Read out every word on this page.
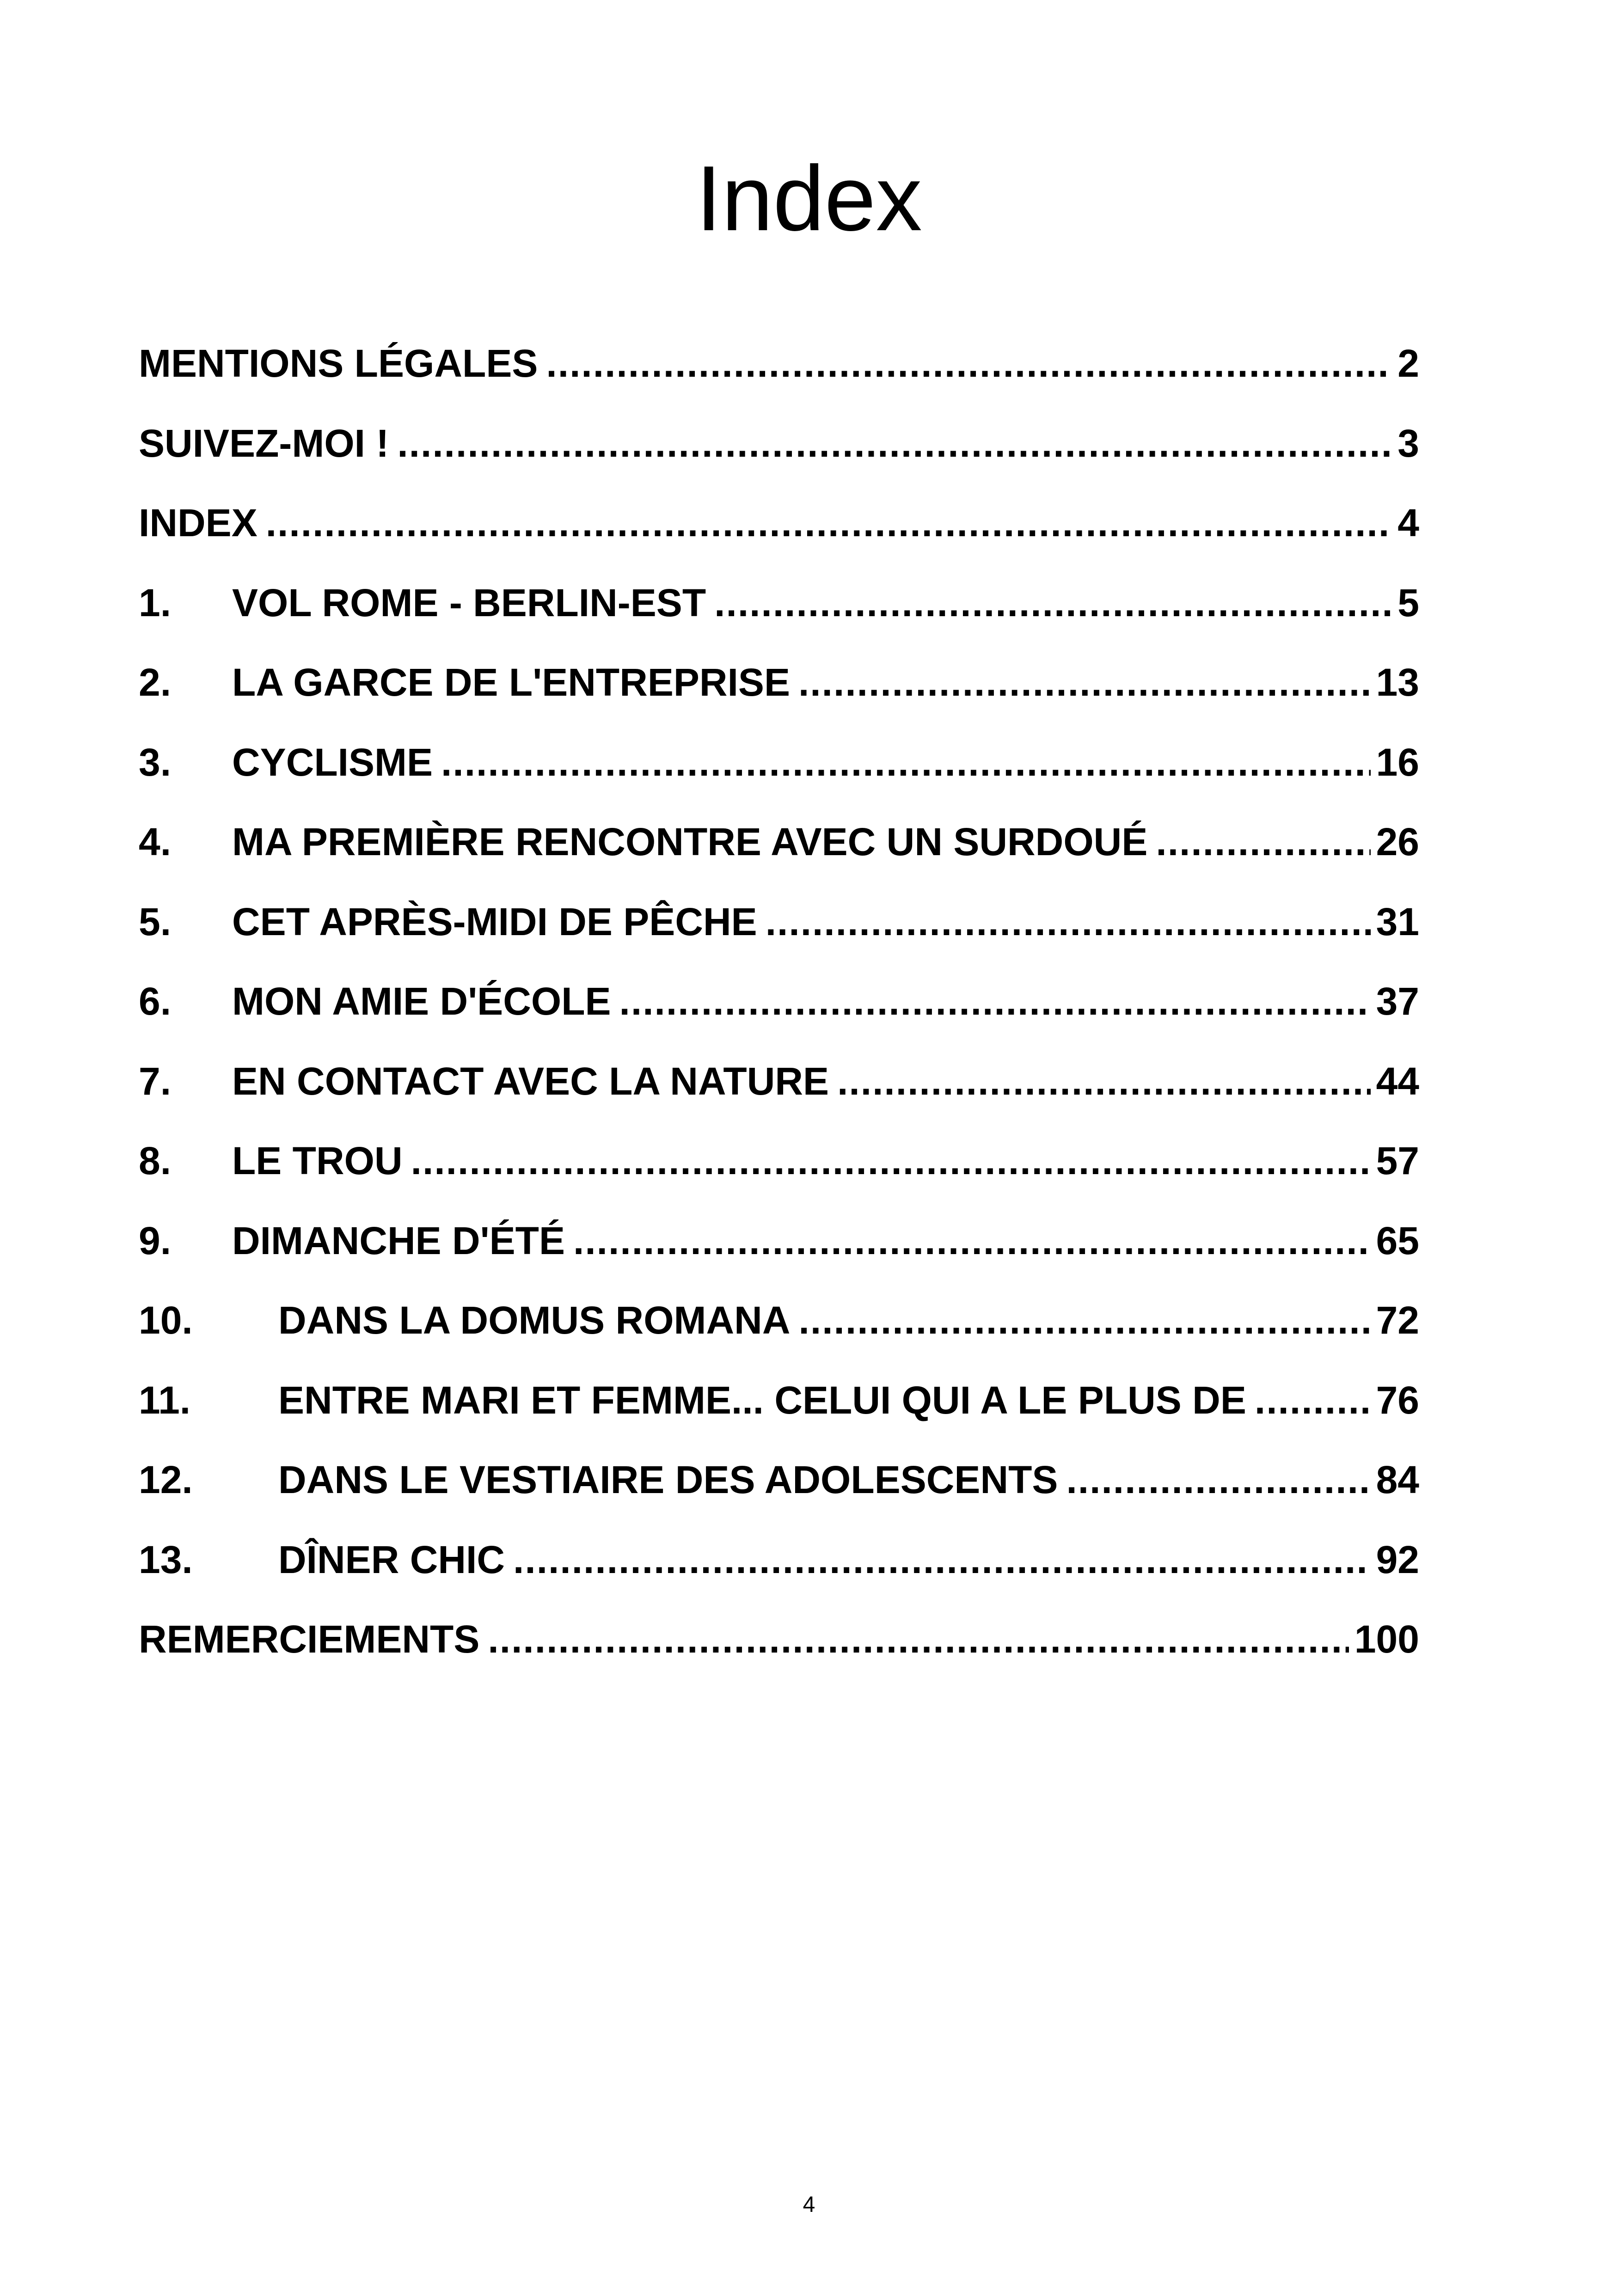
Index
MENTIONS LÉGALES .....	2
SUIVEZ-MOI ! .....	3
INDEX .....	4
1.	VOL ROME - BERLIN-EST .....	5
2.	LA GARCE DE L'ENTREPRISE .....	13
3.	CYCLISME .....	16
4.	MA PREMIÈRE RENCONTRE AVEC UN SURDOUÉ .....	26
5.	CET APRÈS-MIDI DE PÊCHE .....	31
6.	MON AMIE D'ÉCOLE .....	37
7.	EN CONTACT AVEC LA NATURE .....	44
8.	LE TROU .....	57
9.	DIMANCHE D'ÉTÉ .....	65
10.	DANS LA DOMUS ROMANA .....	72
11.	ENTRE MARI ET FEMME... CELUI QUI A LE PLUS DE .....	76
12.	DANS LE VESTIAIRE DES ADOLESCENTS .....	84
13.	DÎNER CHIC .....	92
REMERCIEMENTS .....	100
4
